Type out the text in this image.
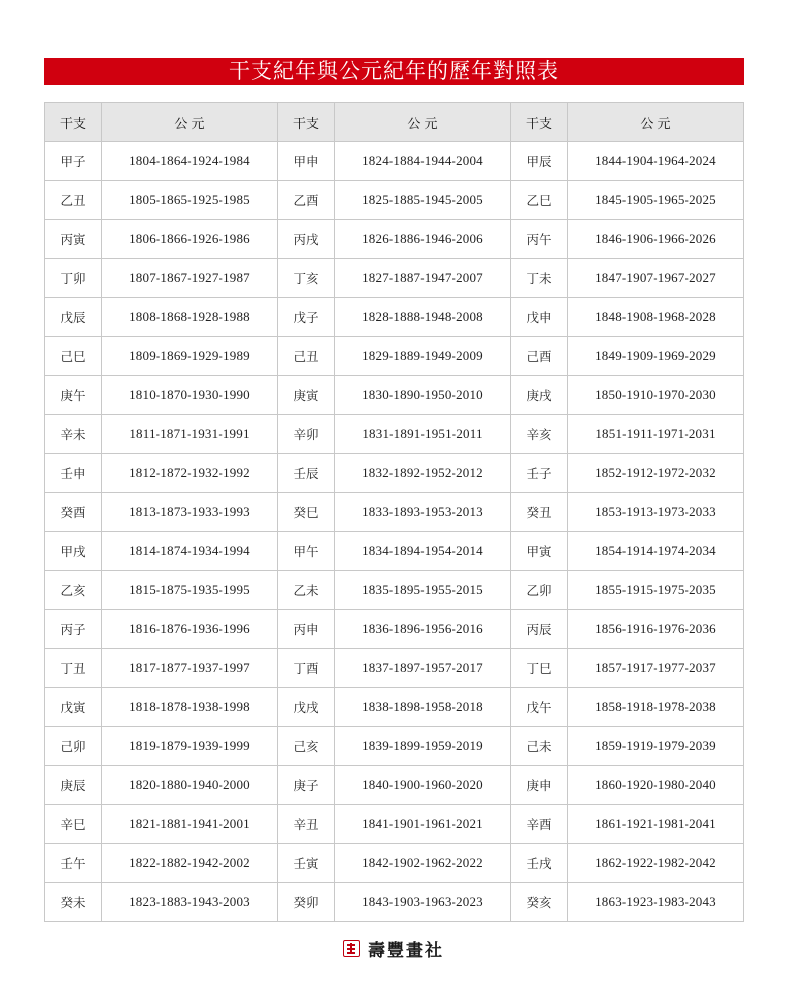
干支紀年與公元紀年的歷年對照表
干支	公 元	干支	公 元	干支	公 元
甲子	1804-1864-1924-1984	甲申	1824-1884-1944-2004	甲辰	1844-1904-1964-2024
乙丑	1805-1865-1925-1985	乙酉	1825-1885-1945-2005	乙巳	1845-1905-1965-2025
丙寅	1806-1866-1926-1986	丙戌	1826-1886-1946-2006	丙午	1846-1906-1966-2026
丁卯	1807-1867-1927-1987	丁亥	1827-1887-1947-2007	丁未	1847-1907-1967-2027
戊辰	1808-1868-1928-1988	戊子	1828-1888-1948-2008	戊申	1848-1908-1968-2028
己巳	1809-1869-1929-1989	己丑	1829-1889-1949-2009	己酉	1849-1909-1969-2029
庚午	1810-1870-1930-1990	庚寅	1830-1890-1950-2010	庚戌	1850-1910-1970-2030
辛未	1811-1871-1931-1991	辛卯	1831-1891-1951-2011	辛亥	1851-1911-1971-2031
壬申	1812-1872-1932-1992	壬辰	1832-1892-1952-2012	壬子	1852-1912-1972-2032
癸酉	1813-1873-1933-1993	癸巳	1833-1893-1953-2013	癸丑	1853-1913-1973-2033
甲戌	1814-1874-1934-1994	甲午	1834-1894-1954-2014	甲寅	1854-1914-1974-2034
乙亥	1815-1875-1935-1995	乙未	1835-1895-1955-2015	乙卯	1855-1915-1975-2035
丙子	1816-1876-1936-1996	丙申	1836-1896-1956-2016	丙辰	1856-1916-1976-2036
丁丑	1817-1877-1937-1997	丁酉	1837-1897-1957-2017	丁巳	1857-1917-1977-2037
戊寅	1818-1878-1938-1998	戊戌	1838-1898-1958-2018	戊午	1858-1918-1978-2038
己卯	1819-1879-1939-1999	己亥	1839-1899-1959-2019	己未	1859-1919-1979-2039
庚辰	1820-1880-1940-2000	庚子	1840-1900-1960-2020	庚申	1860-1920-1980-2040
辛巳	1821-1881-1941-2001	辛丑	1841-1901-1961-2021	辛酉	1861-1921-1981-2041
壬午	1822-1882-1942-2002	壬寅	1842-1902-1962-2022	壬戌	1862-1922-1982-2042
癸未	1823-1883-1943-2003	癸卯	1843-1903-1963-2023	癸亥	1863-1923-1983-2043
壽豐畫社
